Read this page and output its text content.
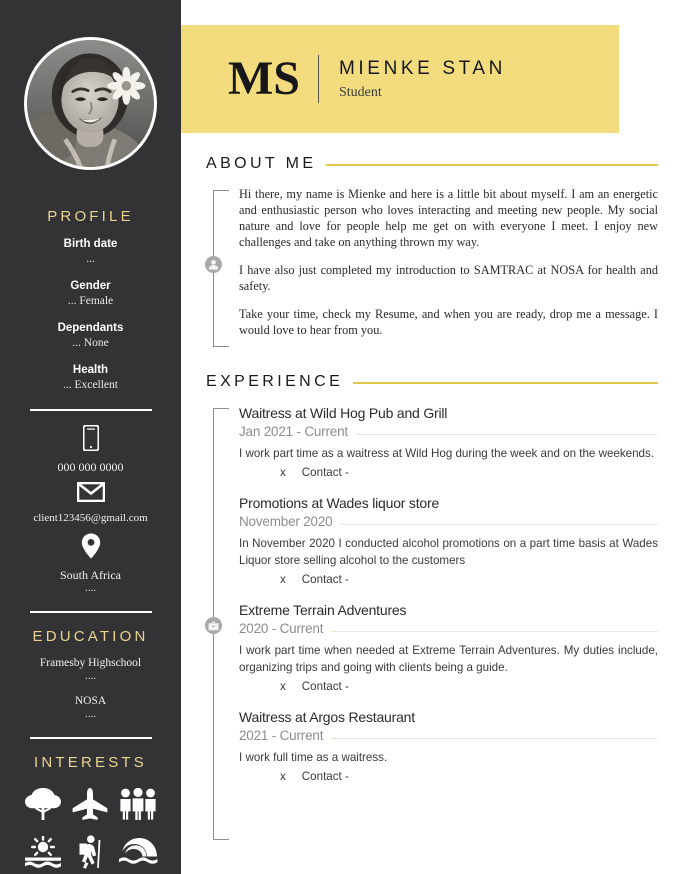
PROFILE
Birth date
...
Gender
... Female
Dependants
... None
Health
... Excellent
000 000 0000
client123456@gmail.com
South Africa
....
EDUCATION
Framesby Highschool
....
NOSA
....
INTERESTS
MS MIENKE STAN
Student
ABOUT ME

Hi there, my name is Mienke and here is a little bit about myself. I am an energetic and enthusiastic person who loves interacting and meeting new people. My social nature and love for people help me get on with everyone I meet. I enjoy new challenges and take on anything thrown my way.

I have also just completed my introduction to SAMTRAC at NOSA for health and safety.

Take your time, check my Resume, and when you are ready, drop me a message. I would love to hear from you.

EXPERIENCE
Waitress at Wild Hog Pub and Grill
Jan 2021 - Current

I work part time as a waitress at Wild Hog during the week and on the weekends.

x Contact -
Promotions at Wades liquor store
November 2020

In November 2020 I conducted alcohol promotions on a part time basis at Wades Liquor store selling alcohol to the customers

x Contact -
Extreme Terrain Adventures
2020 - Current

I work part time when needed at Extreme Terrain Adventures. My duties include, organizing trips and going with clients being a guide.

x Contact -
Waitress at Argos Restaurant
2021 - Current

I work full time as a waitress.

x Contact -
